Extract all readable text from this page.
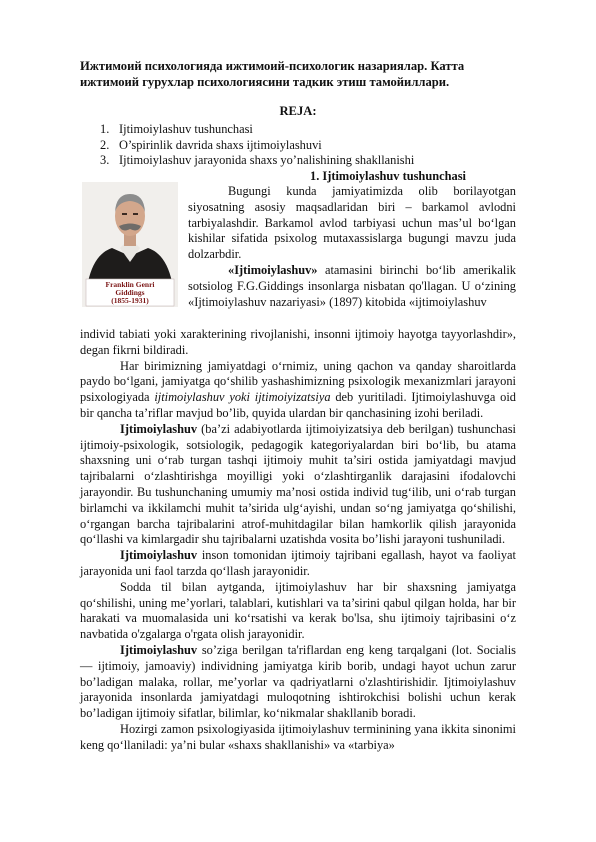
Ижтимоий психологияда ижтимоий-психологик назариялар. Катта ижтимоий гурухлар психологиясини тадкик этиш тамойиллари.
REJA:
1. Ijtimoiylashuv tushunchasi
2. O’spirinlik davrida shaxs ijtimoiylashuvi
3. Ijtimoiylashuv jarayonida shaxs yo’nalishining shakllanishi
1. Ijtimoiylashuv tushunchasi
Franklin Genri
Giddings
(1855-1931)

Bugungi kunda jamiyatimizda olib borilayotgan siyosatning asosiy maqsadlaridan biri – barkamol avlodni tarbiyalashdir. Barkamol avlod tarbiyasi uchun mas’ul bo‘lgan kishilar sifatida psixolog mutaxassislarga bugungi mavzu juda dolzarbdir.

«Ijtimoiylashuv» atamasini birinchi bo‘lib amerikalik sotsiolog F.G.Giddings insonlarga nisbatan qo'llagan. U o‘zining «Ijtimoiylashuv nazariyasi» (1897) kitobida «ijtimoiylashuv

individ tabiati yoki xarakterining rivojlanishi, insonni ijtimoiy hayotga tayyorlashdir», degan fikrni bildiradi.

Har birimizning jamiyatdagi o‘rnimiz, uning qachon va qanday sharoitlarda paydo bo‘lgani, jamiyatga qo‘shilib yashashimizning psixologik mexanizmlari jarayoni psixologiyada ijtimoiylashuv yoki ijtimoiyizatsiya deb yuritiladi. Ijtimoiylashuvga oid bir qancha ta’riflar mavjud bo’lib, quyida ulardan bir qanchasining izohi beriladi.

Ijtimoiylashuv (ba’zi adabiyotlarda ijtimoiyizatsiya deb berilgan) tushunchasi ijtimoiy-psixologik, sotsiologik, pedagogik kategoriyalardan biri bo‘lib, bu atama shaxsning uni o‘rab turgan tashqi ijtimoiy muhit ta’siri ostida jamiyatdagi mavjud tajribalarni o‘zlashtirishga moyilligi yoki o‘zlashtirganlik darajasini ifodalovchi jarayondir. Bu tushunchaning umumiy ma’nosi ostida individ tug‘ilib, uni o‘rab turgan birlamchi va ikkilamchi muhit ta’sirida ulg‘ayishi, undan so‘ng jamiyatga qo‘shilishi, o‘rgangan barcha tajribalarini atrof-muhitdagilar bilan hamkorlik qilish jarayonida qo‘llashi va kimlargadir shu tajribalarni uzatishda vosita bo’lishi jarayoni tushuniladi.

Ijtimoiylashuv inson tomonidan ijtimoiy tajribani egallash, hayot va faoliyat jarayonida uni faol tarzda qo‘llash jarayonidir.

Sodda til bilan aytganda, ijtimoiylashuv har bir shaxsning jamiyatga qo‘shilishi, uning me’yorlari, talablari, kutishlari va ta’sirini qabul qilgan holda, har bir harakati va muomalasida uni ko‘rsatishi va kerak bo'lsa, shu ijtimoiy tajribasini o‘z navbatida o'zgalarga o'rgata olish jarayonidir.

Ijtimoiylashuv so’ziga berilgan ta'riflardan eng keng tarqalgani (lot. Socialis — ijtimoiy, jamoaviy) individning jamiyatga kirib borib, undagi hayot uchun zarur bo’ladigan malaka, rollar, me’yorlar va qadriyatlarni o'zlashtirishidir. Ijtimoiylashuv jarayonida insonlarda jamiyatdagi muloqotning ishtirokchisi bolishi uchun kerak bo’ladigan ijtimoiy sifatlar, bilimlar, ko‘nikmalar shakllanib boradi.

Hozirgi zamon psixologiyasida ijtimoiylashuv terminining yana ikkita sinonimi keng qo‘llaniladi: ya’ni bular «shaxs shakllanishi» va «tarbiya»
